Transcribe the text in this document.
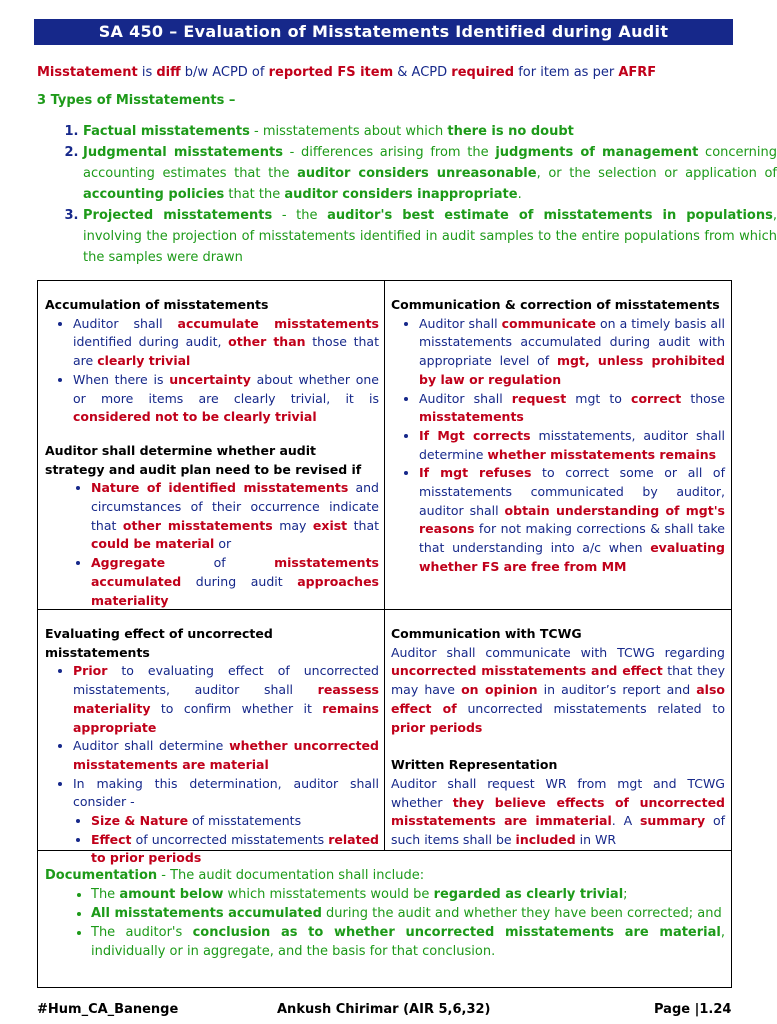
SA 450 – Evaluation of Misstatements Identified during Audit
Misstatement is diff b/w ACPD of reported FS item & ACPD required for item as per AFRF
3 Types of Misstatements –
1. Factual misstatements - misstatements about which there is no doubt
2. Judgmental misstatements - differences arising from the judgments of management concerning accounting estimates that the auditor considers unreasonable, or the selection or application of accounting policies that the auditor considers inappropriate.
3. Projected misstatements - the auditor's best estimate of misstatements in populations, involving the projection of misstatements identified in audit samples to the entire populations from which the samples were drawn
Accumulation of misstatements
• Auditor shall accumulate misstatements identified during audit, other than those that are clearly trivial
• When there is uncertainty about whether one or more items are clearly trivial, it is considered not to be clearly trivial
Auditor shall determine whether audit strategy and audit plan need to be revised if
• Nature of identified misstatements and circumstances of their occurrence indicate that other misstatements may exist that could be material or
• Aggregate of misstatements accumulated during audit approaches materiality
Communication & correction of misstatements
• Auditor shall communicate on a timely basis all misstatements accumulated during audit with appropriate level of mgt, unless prohibited by law or regulation
• Auditor shall request mgt to correct those misstatements
• If Mgt corrects misstatements, auditor shall determine whether misstatements remains
• If mgt refuses to correct some or all of misstatements communicated by auditor, auditor shall obtain understanding of mgt's reasons for not making corrections & shall take that understanding into a/c when evaluating whether FS are free from MM
Evaluating effect of uncorrected misstatements
• Prior to evaluating effect of uncorrected misstatements, auditor shall reassess materiality to confirm whether it remains appropriate
• Auditor shall determine whether uncorrected misstatements are material
• In making this determination, auditor shall consider -
• Size & Nature of misstatements
• Effect of uncorrected misstatements related to prior periods
Communication with TCWG

Auditor shall communicate with TCWG regarding uncorrected misstatements and effect that they may have on opinion in auditor’s report and also effect of uncorrected misstatements related to prior periods

Written Representation

Auditor shall request WR from mgt and TCWG whether they believe effects of uncorrected misstatements are immaterial. A summary of such items shall be included in WR

Documentation - The audit documentation shall include:
• The amount below which misstatements would be regarded as clearly trivial;
• All misstatements accumulated during the audit and whether they have been corrected; and
• The auditor's conclusion as to whether uncorrected misstatements are material, individually or in aggregate, and the basis for that conclusion.
#Hum_CA_Banenge	Ankush Chirimar (AIR 5,6,32)	Page |1.24
